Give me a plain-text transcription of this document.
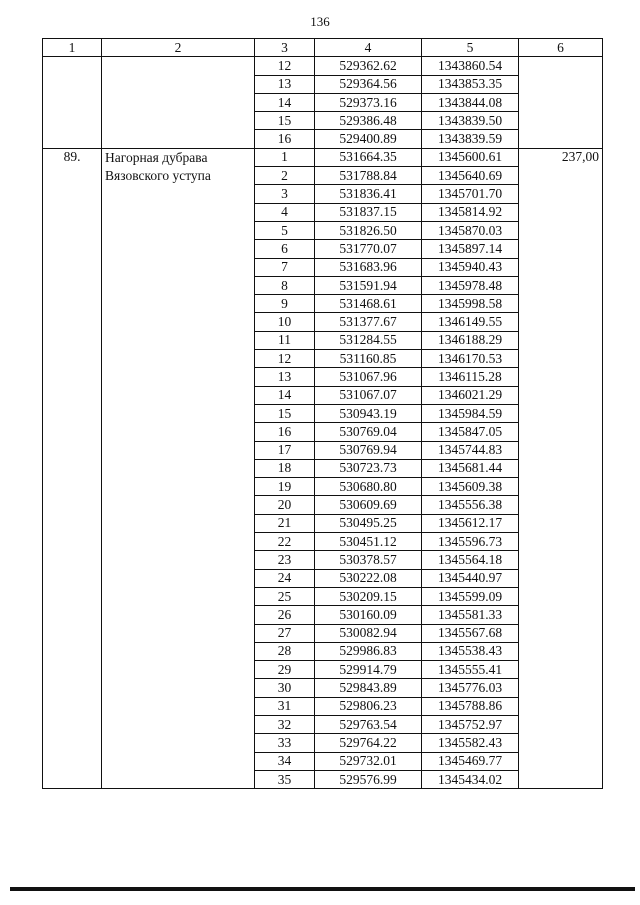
136
1	2	3	4	5	6
		12	529362.62	1343860.54	
		13	529364.56	1343853.35	
		14	529373.16	1343844.08	
		15	529386.48	1343839.50	
		16	529400.89	1343839.59	
89.	Нагорная дубрава Вязовского уступа	1	531664.35	1345600.61	237,00
		2	531788.84	1345640.69	
		3	531836.41	1345701.70	
		4	531837.15	1345814.92	
		5	531826.50	1345870.03	
		6	531770.07	1345897.14	
		7	531683.96	1345940.43	
		8	531591.94	1345978.48	
		9	531468.61	1345998.58	
		10	531377.67	1346149.55	
		11	531284.55	1346188.29	
		12	531160.85	1346170.53	
		13	531067.96	1346115.28	
		14	531067.07	1346021.29	
		15	530943.19	1345984.59	
		16	530769.04	1345847.05	
		17	530769.94	1345744.83	
		18	530723.73	1345681.44	
		19	530680.80	1345609.38	
		20	530609.69	1345556.38	
		21	530495.25	1345612.17	
		22	530451.12	1345596.73	
		23	530378.57	1345564.18	
		24	530222.08	1345440.97	
		25	530209.15	1345599.09	
		26	530160.09	1345581.33	
		27	530082.94	1345567.68	
		28	529986.83	1345538.43	
		29	529914.79	1345555.41	
		30	529843.89	1345776.03	
		31	529806.23	1345788.86	
		32	529763.54	1345752.97	
		33	529764.22	1345582.43	
		34	529732.01	1345469.77	
		35	529576.99	1345434.02	
